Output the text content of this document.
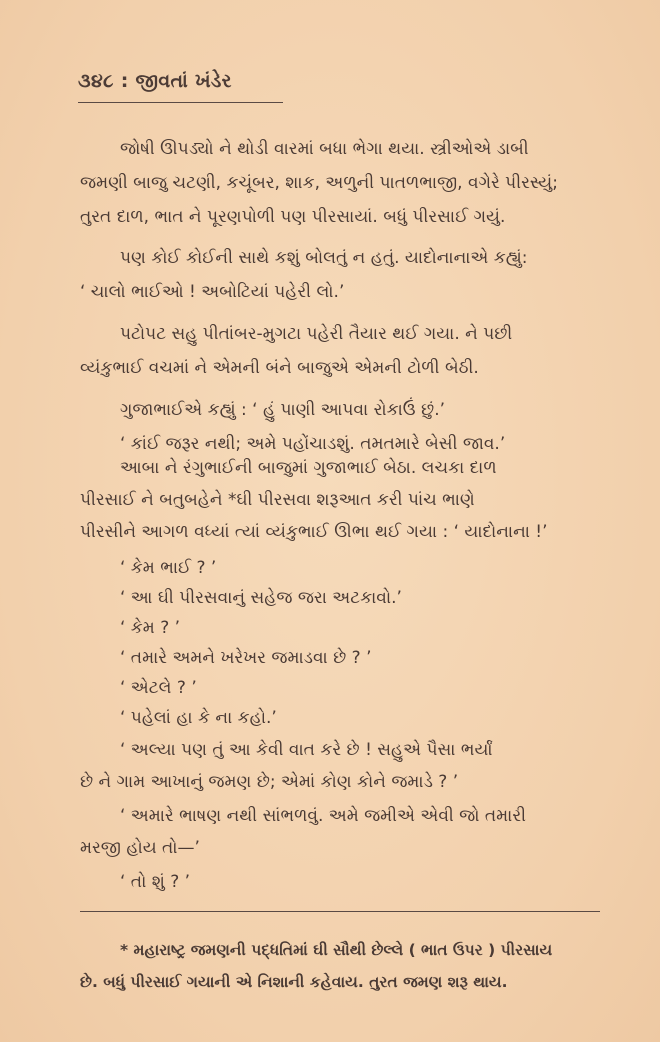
૩૪૮ : જીવતાં ખંડેર
જોષી ઊપડ્યો ને થોડી વારમાં બધા ભેગા થયા. સ્ત્રીઓએ ડાબી
જમણી બાજુ ચટણી, કચૂંબર, શાક, અળુની પાતળભાજી, વગેરે પીરસ્યું;
તુરત દાળ, ભાત ને પૂરણપોળી પણ પીરસાયાં. બધું પીરસાઈ ગયું.
પણ કોઈ કોઈની સાથે કશું બોલતું ન હતું. યાદોનાનાએ કહ્યું:
‘ ચાલો ભાઈઓ ! અબોટિયાં પહેરી લો.’
પટોપટ સહુ પીતાંબર-મુગટા પહેરી તૈયાર થઈ ગયા. ને પછી
વ્યંકુભાઈ વચમાં ને એમની બંને બાજુએ એમની ટોળી બેઠી.
ગુજાભાઈએ કહ્યું : ‘ હું પાણી આપવા રોકાઉં છું.’
‘ કાંઈ જરૂર નથી; અમે પહોંચાડશું. તમતમારે બેસી જાવ.’
આબા ને રંગુભાઈની બાજુમાં ગુજાભાઈ બેઠા. લચકા દાળ
પીરસાઈ ને બતુબહેને *ઘી પીરસવા શરૂઆત કરી પાંચ ભાણે
પીરસીને આગળ વધ્યાં ત્યાં વ્યંકુભાઈ ઊભા થઈ ગયા : ‘ યાદોનાના !’
‘ કેમ ભાઈ ? ’
‘ આ ઘી પીરસવાનું સહેજ જરા અટકાવો.’
‘ કેમ ? ’
‘ તમારે અમને ખરેખર જમાડવા છે ? ’
‘ એટલે ? ’
‘ પહેલાં હા કે ના કહો.’
‘ અલ્યા પણ તું આ કેવી વાત કરે છે ! સહુએ પૈસા ભર્યાં
છે ને ગામ આખાનું જમણ છે; એમાં કોણ કોને જમાડે ? ’
‘ અમારે ભાષણ નથી સાંભળવું. અમે જમીએ એવી જો તમારી
* મહારાષ્ટ્ર જમણની પદ્ધતિમાં ઘી સૌથી છેલ્લે ( ભાત ઉપર ) પીરસાય
છે. બધું પીરસાઈ ગયાની એ નિશાની કહેવાય. તુરત જમણ શરૂ થાય.
મરજી હોય તો—’
‘ તો શું ? ’
